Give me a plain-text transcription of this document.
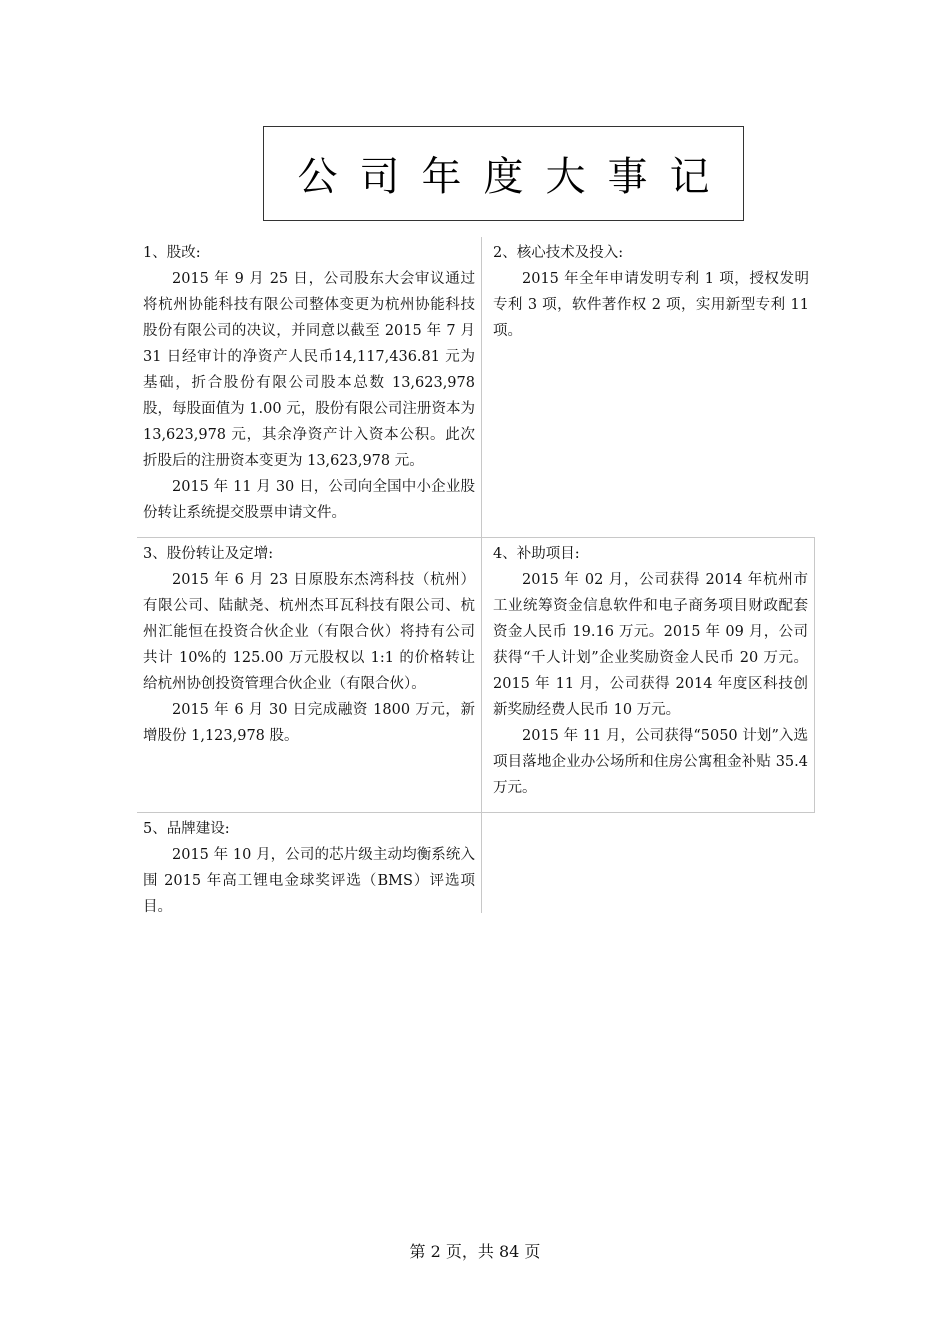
公司年度大事记
1、股改:

2015 年 9 月 25 日，公司股东大会审议通过将杭州协能科技有限公司整体变更为杭州协能科技股份有限公司的决议，并同意以截至 2015 年 7 月 31 日经审计的净资产人民币14,117,436.81 元为基础，折合股份有限公司股本总数 13,623,978 股，每股面值为 1.00 元，股份有限公司注册资本为 13,623,978 元，其余净资产计入资本公积。此次折股后的注册资本变更为 13,623,978 元。

2015 年 11 月 30 日，公司向全国中小企业股份转让系统提交股票申请文件。

2、核心技术及投入:

2015 年全年申请发明专利 1 项，授权发明专利 3 项，软件著作权 2 项，实用新型专利 11 项。

3、股份转让及定增:

2015 年 6 月 23 日原股东杰湾科技（杭州）有限公司、陆献尧、杭州杰耳瓦科技有限公司、杭州汇能恒在投资合伙企业（有限合伙）将持有公司共计 10%的 125.00 万元股权以 1:1 的价格转让给杭州协创投资管理合伙企业（有限合伙）。

2015 年 6 月 30 日完成融资 1800 万元，新增股份 1,123,978 股。

4、补助项目:

2015 年 02 月，公司获得 2014 年杭州市工业统筹资金信息软件和电子商务项目财政配套资金人民币 19.16 万元。2015 年 09 月，公司获得“千人计划”企业奖励资金人民币 20 万元。 2015 年 11 月，公司获得 2014 年度区科技创新奖励经费人民币 10 万元。

2015 年 11 月，公司获得“5050 计划”入选项目落地企业办公场所和住房公寓租金补贴 35.4 万元。

5、品牌建设:

2015 年 10 月，公司的芯片级主动均衡系统入围 2015 年高工锂电金球奖评选（BMS）评选项目。

第 2 页，共 84 页
